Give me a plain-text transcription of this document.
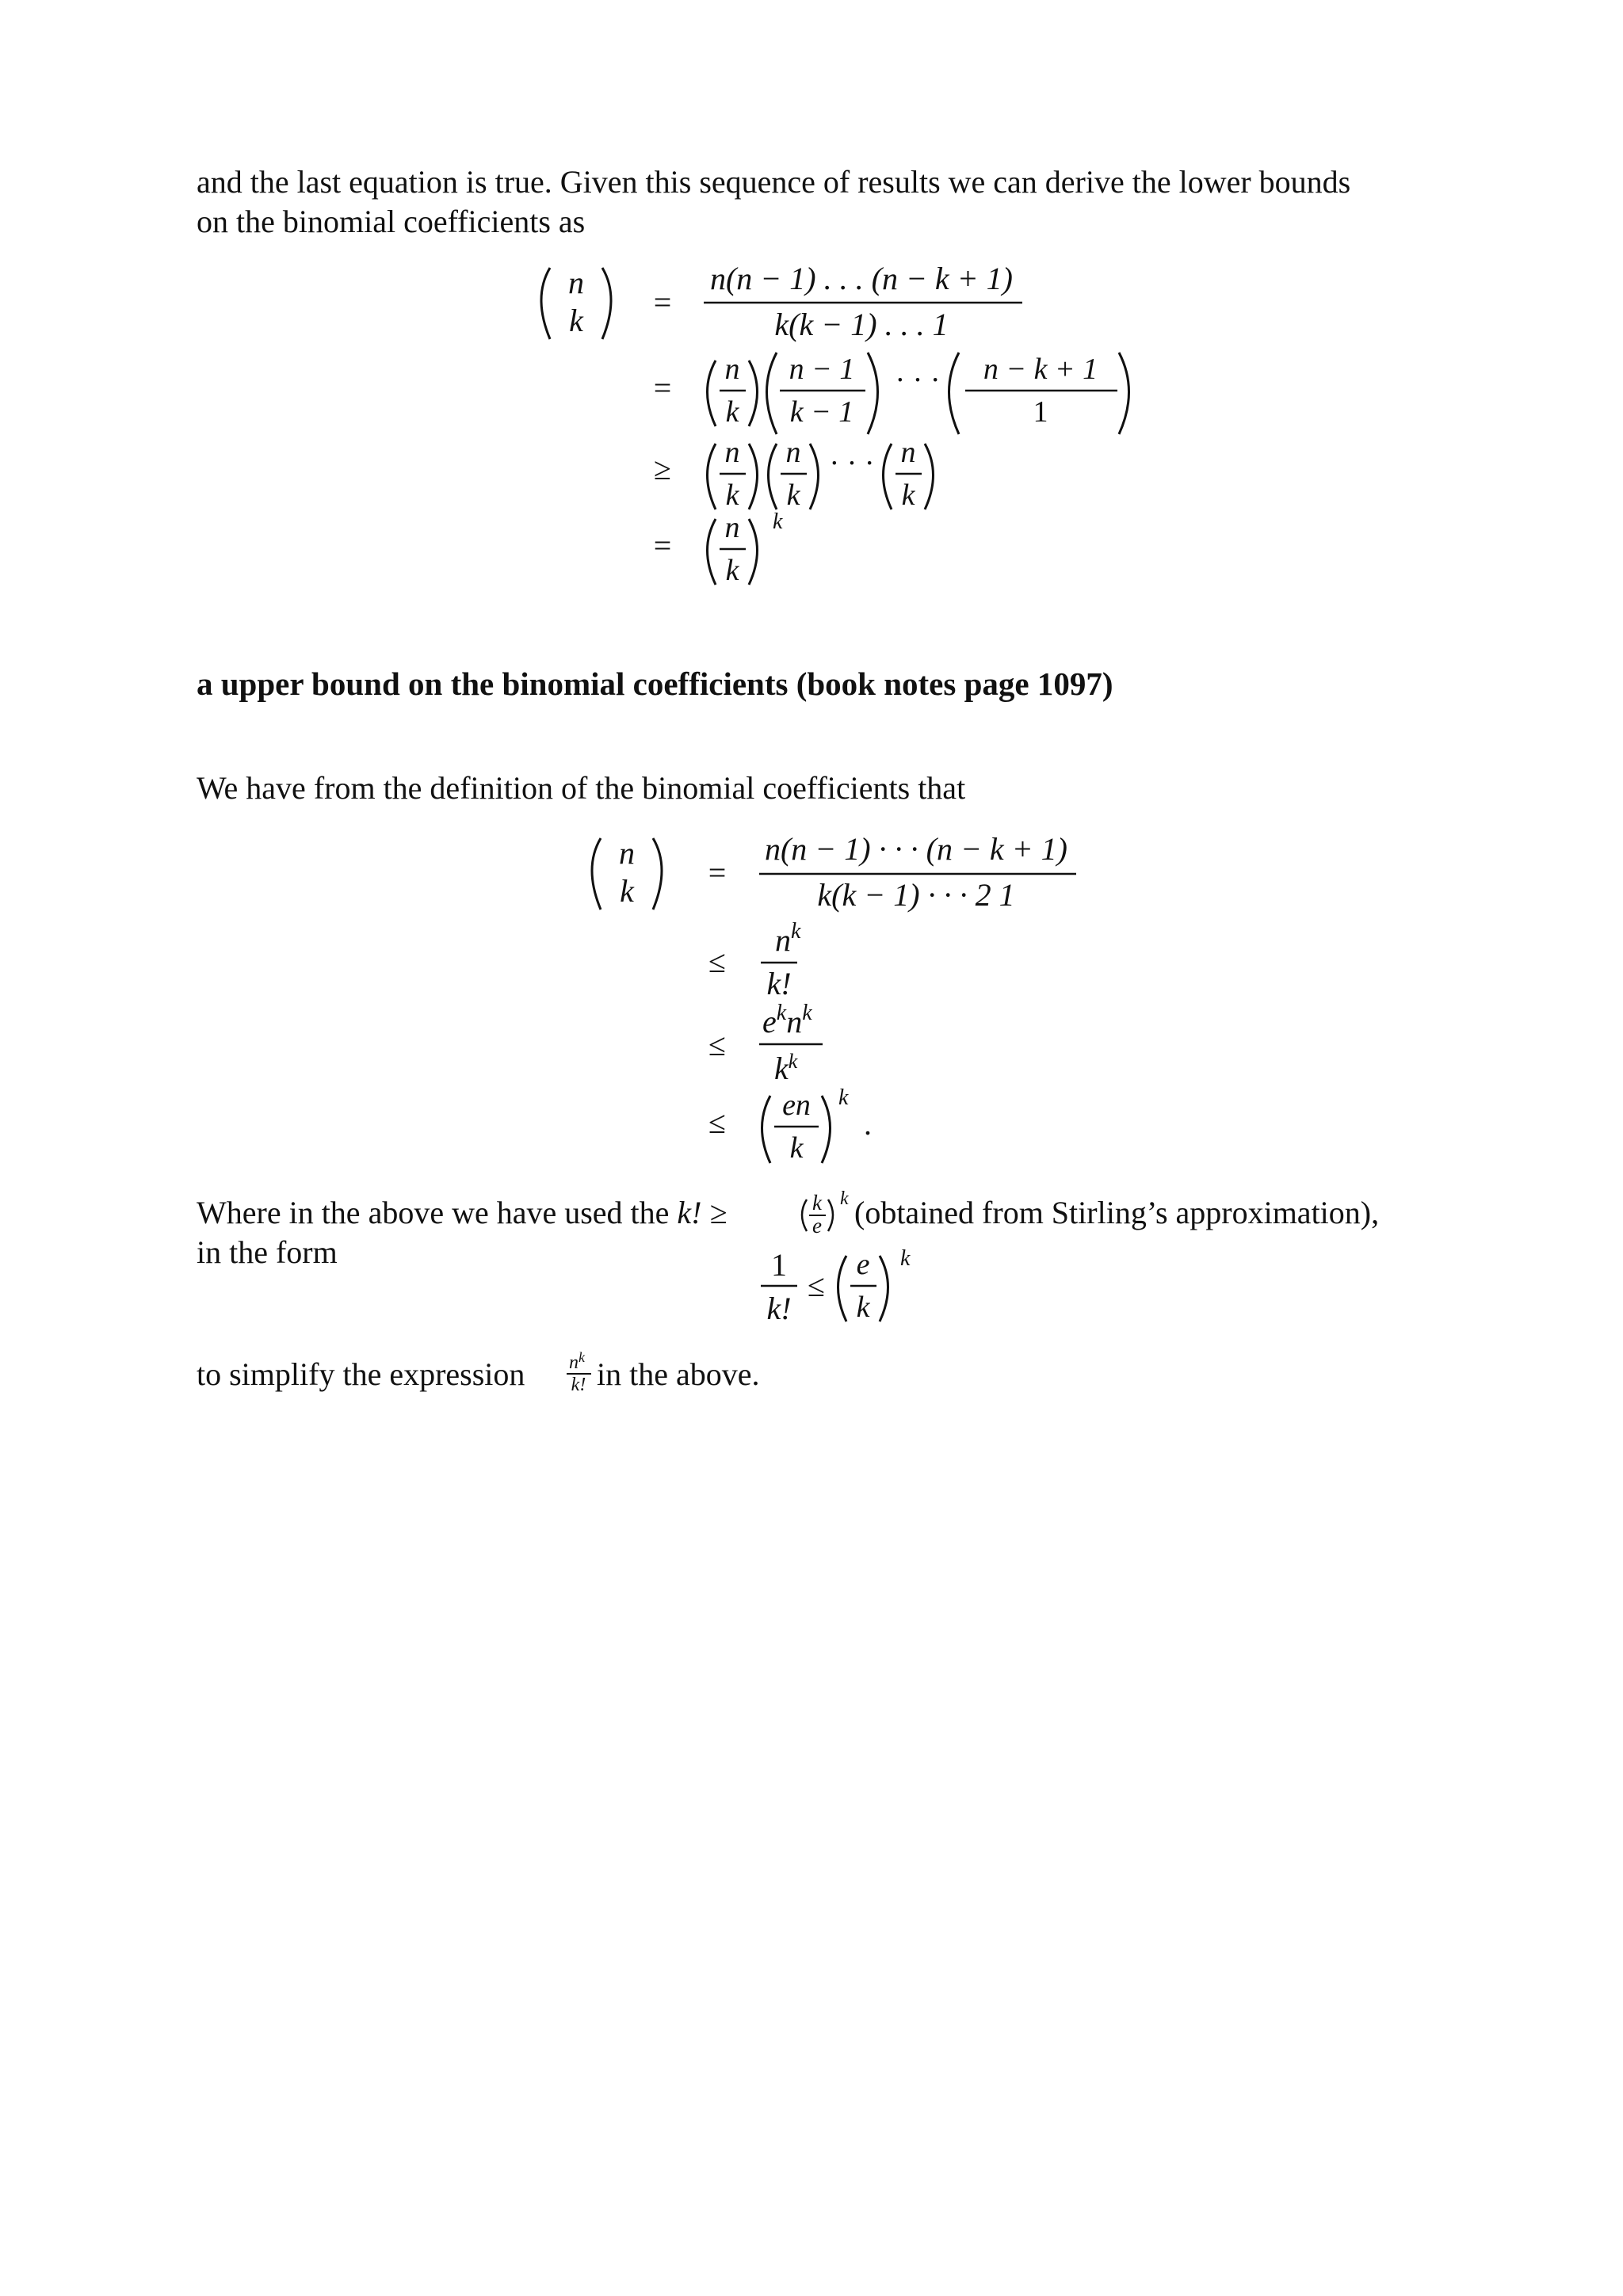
and the last equation is true. Given this sequence of results we can derive the lower bounds
on the binomial coefficients as

n
k
=
=
≥
=
n(n − 1) . . . (n − k + 1)
k(k − 1) . . . 1
n
k
n − 1
k − 1
· · · n − k + 1
1
n
k
n
k
· · · n
k
n
k
k
a upper bound on the binomial coefficients (book notes page 1097)

We have from the definition of the binomial coefficients that

n
k
=
≤
≤
≤
n(n − 1) · · · (n − k + 1)
k(k − 1) · · · 2 1
$n^k$
k!
$e^kn^k$
$k^k$
en
k
k
.
Where in the above we have used the k! ≥	k
e
k (obtained from Stirling’s approximation),
in the form	1
k!
≤
e
k
k
to simplify the expression $n^k$
k! in the above.
